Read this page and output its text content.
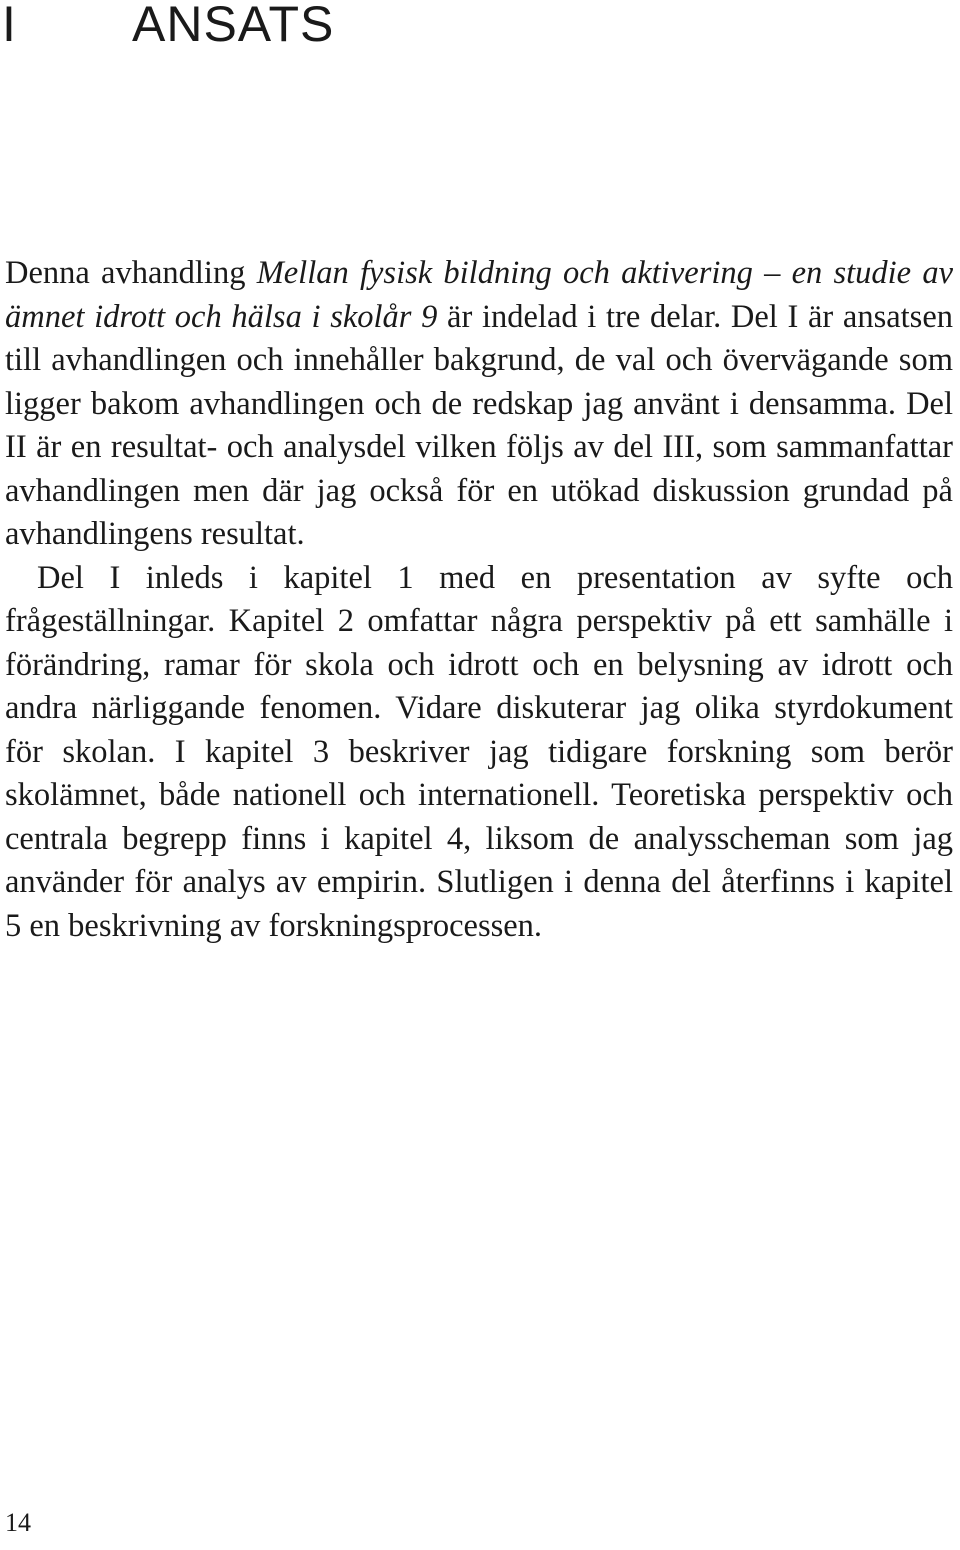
I ANSATS

Denna avhandling Mellan fysisk bildning och aktivering – en studie av ämnet idrott och hälsa i skolår 9 är indelad i tre delar. Del I är ansatsen till avhandlingen och innehåller bakgrund, de val och övervägande som ligger bakom avhandlingen och de redskap jag använt i densamma. Del II är en resultat- och analysdel vilken följs av del III, som sammanfattar avhandlingen men där jag också för en utökad diskussion grundad på avhandlingens resultat.

Del I inleds i kapitel 1 med en presentation av syfte och frågeställningar. Kapitel 2 omfattar några perspektiv på ett samhälle i förändring, ramar för skola och idrott och en belysning av idrott och andra närliggande fenomen. Vidare diskuterar jag olika styrdokument för skolan. I kapitel 3 beskriver jag tidigare forskning som berör skolämnet, både nationell och internationell. Teoretiska perspektiv och centrala begrepp finns i kapitel 4, liksom de analysscheman som jag använder för analys av empirin. Slutligen i denna del återfinns i kapitel 5 en beskrivning av forskningsprocessen.

14
